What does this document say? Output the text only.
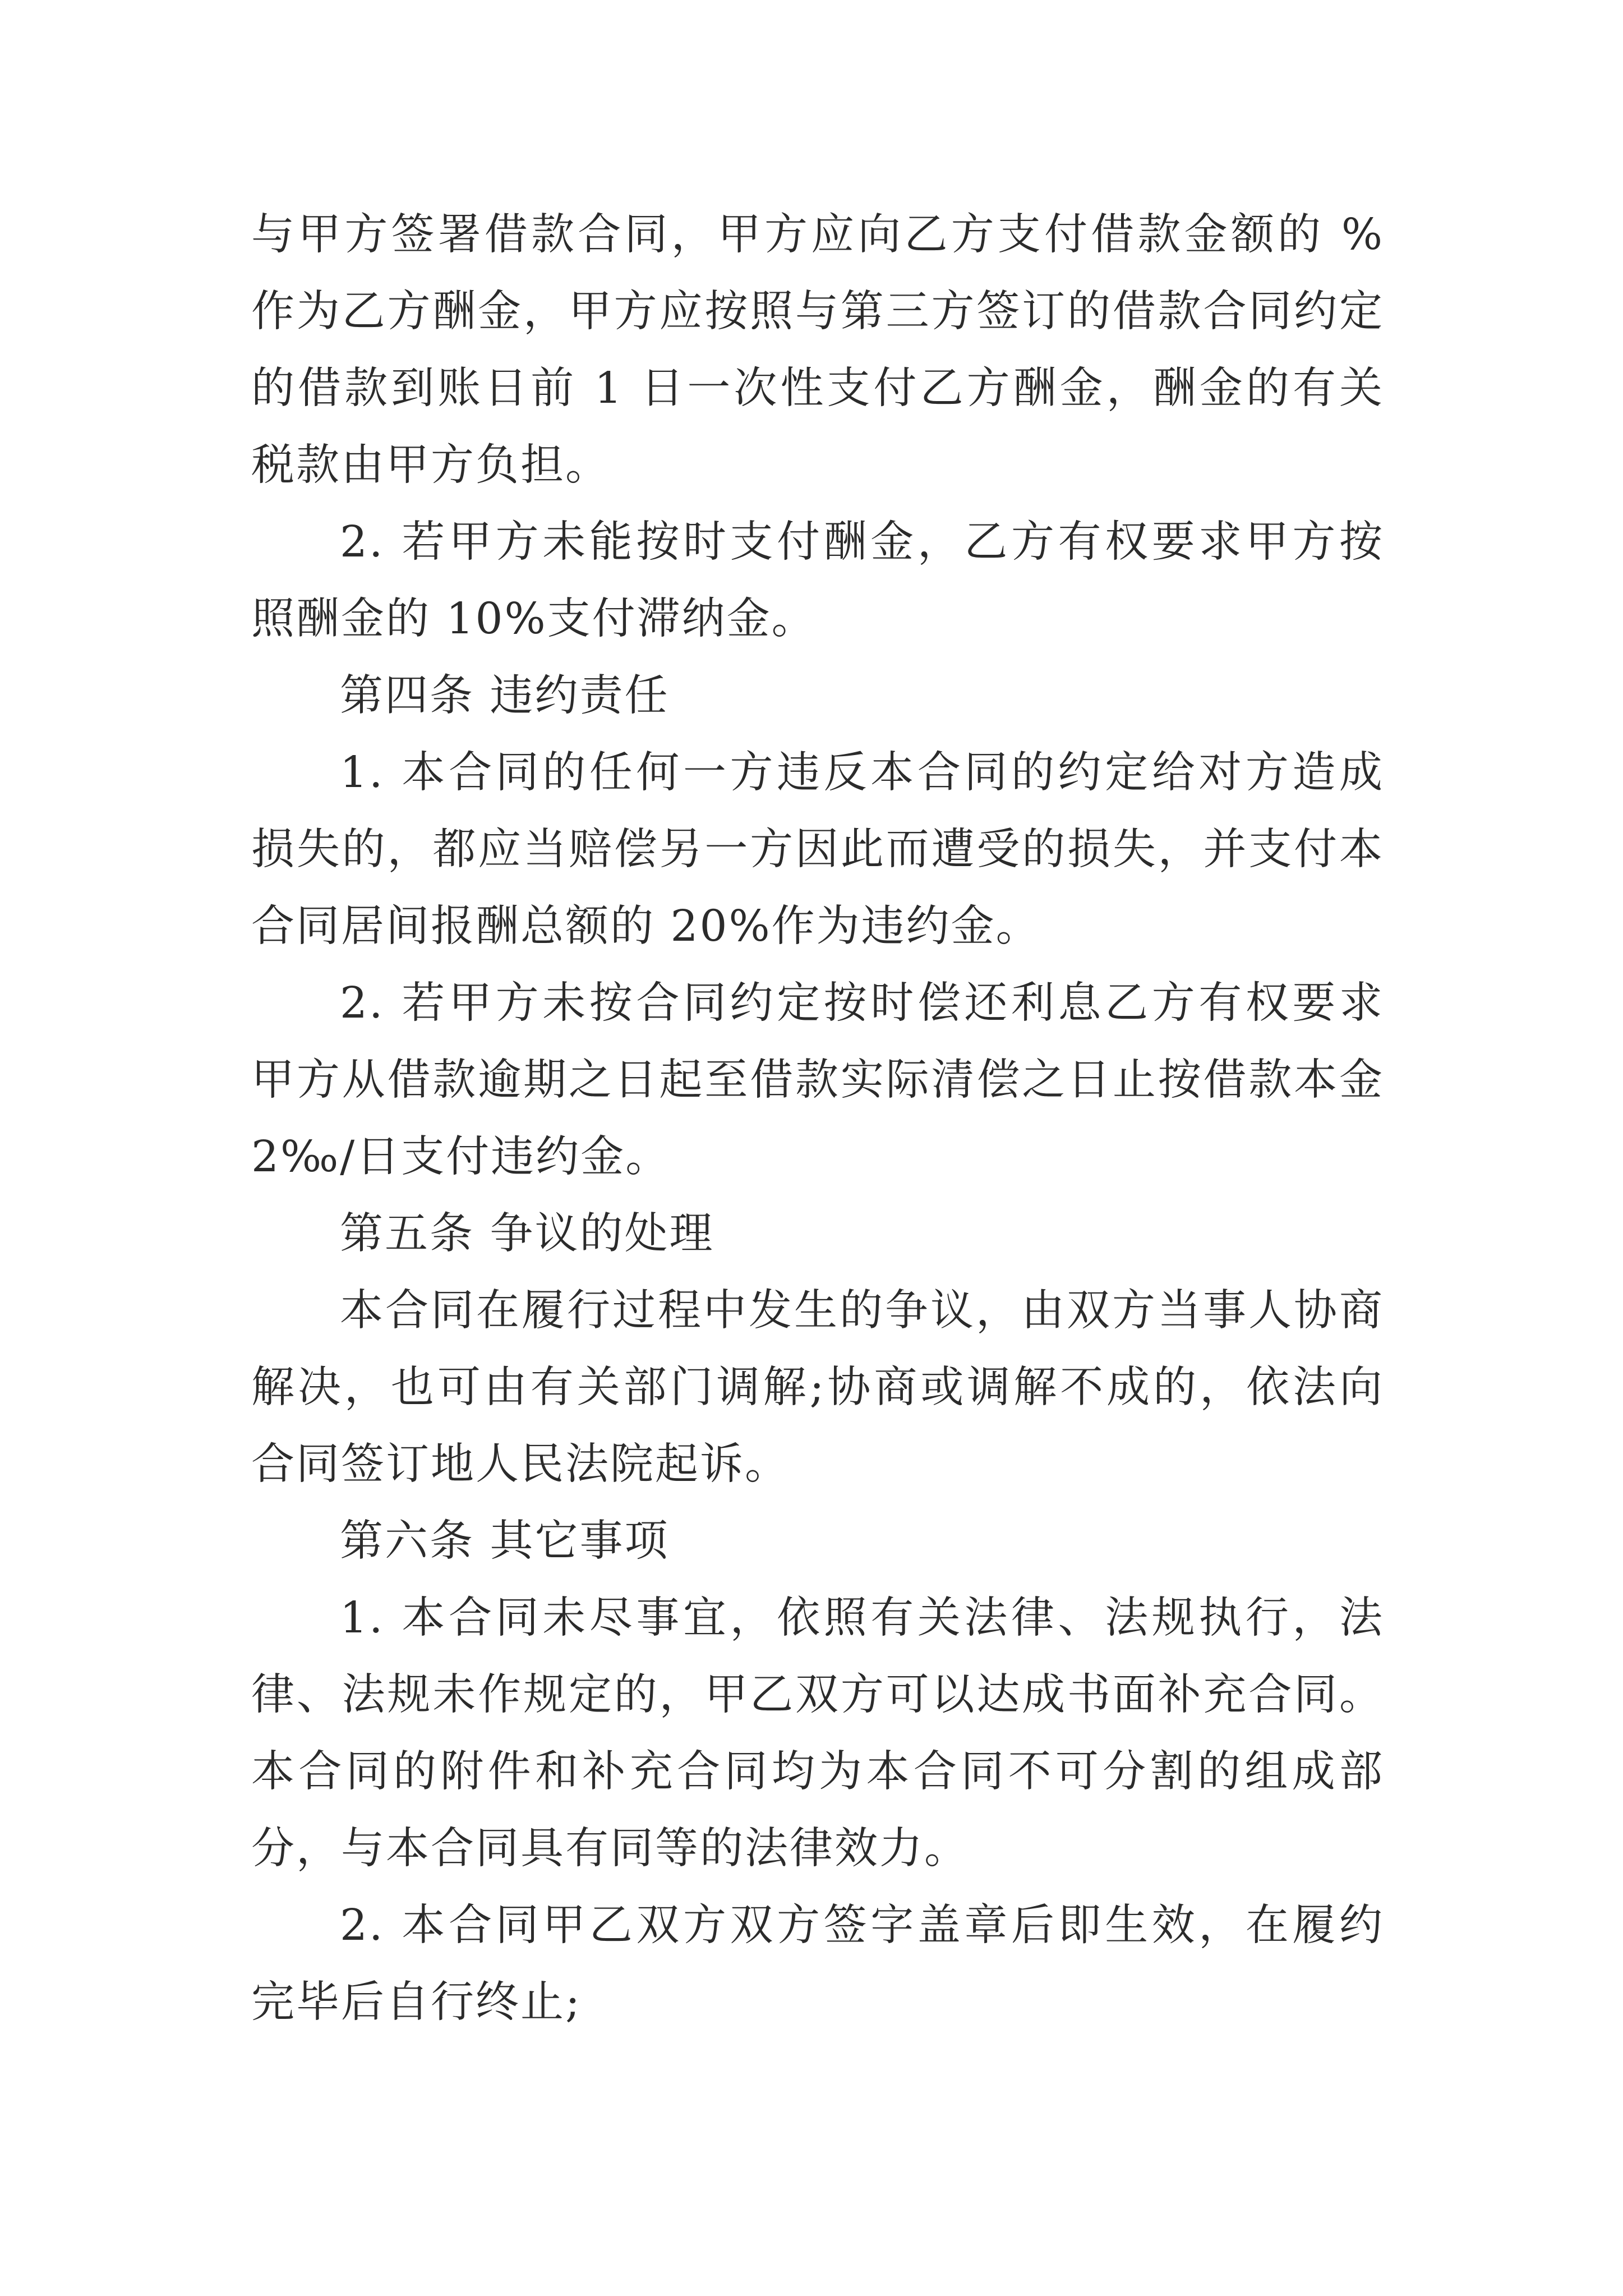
与甲方签署借款合同，甲方应向乙方支付借款金额的 %作为乙方酬金，甲方应按照与第三方签订的借款合同约定的借款到账日前 1 日一次性支付乙方酬金，酬金的有关税款由甲方负担。

2. 若甲方未能按时支付酬金，乙方有权要求甲方按照酬金的 10%支付滞纳金。

第四条 违约责任

1. 本合同的任何一方违反本合同的约定给对方造成损失的，都应当赔偿另一方因此而遭受的损失，并支付本合同居间报酬总额的 20%作为违约金。

2. 若甲方未按合同约定按时偿还利息乙方有权要求甲方从借款逾期之日起至借款实际清偿之日止按借款本金 2‰/日支付违约金。

第五条 争议的处理

本合同在履行过程中发生的争议，由双方当事人协商解决，也可由有关部门调解;协商或调解不成的，依法向合同签订地人民法院起诉。

第六条 其它事项

1. 本合同未尽事宜，依照有关法律、法规执行，法律、法规未作规定的，甲乙双方可以达成书面补充合同。本合同的附件和补充合同均为本合同不可分割的组成部分，与本合同具有同等的法律效力。

2. 本合同甲乙双方双方签字盖章后即生效，在履约完毕后自行终止;
